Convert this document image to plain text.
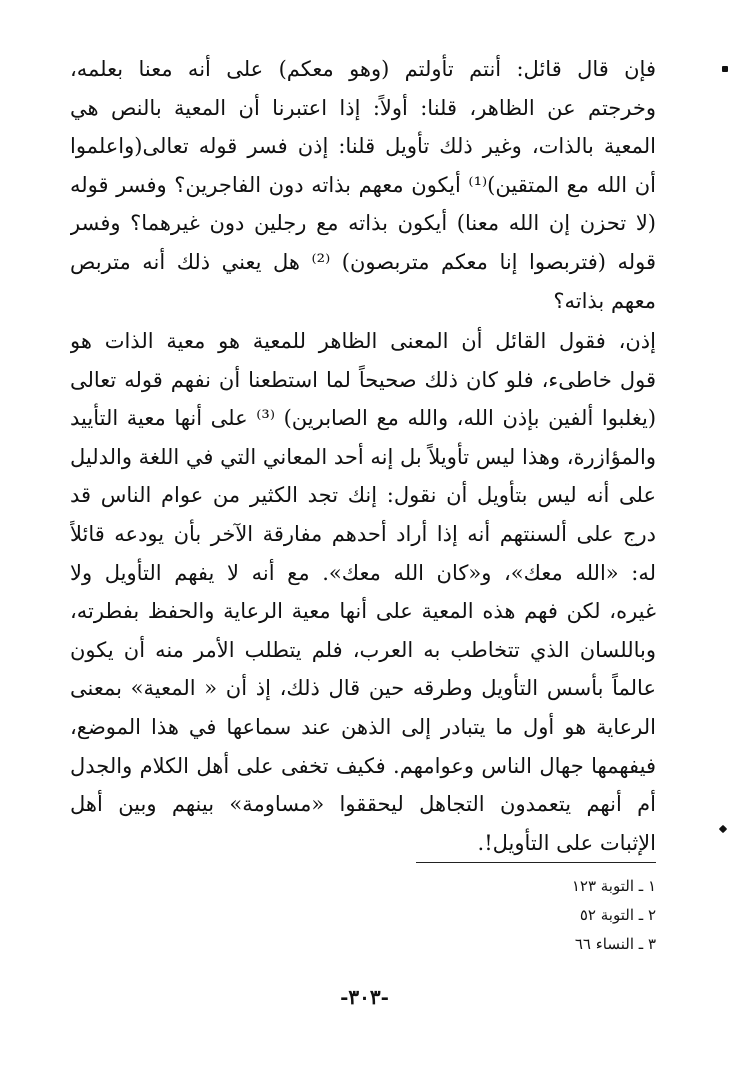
فإن قال قائل: أنتم تأولتم (وهو معكم) على أنه معنا بعلمه،
وخرجتم عن الظاهر، قلنا: أولاً: إذا اعتبرنا أن المعية بالنص هي
المعية بالذات، وغير ذلك تأويل قلنا: إذن فسر قوله تعالى(واعلموا
أن الله مع المتقين)⁽¹⁾ أيكون معهم بذاته دون الفاجرين؟ وفسر قوله
(لا تحزن إن الله معنا) أيكون بذاته مع رجلين دون غيرهما؟ وفسر
قوله (فتربصوا إنا معكم متربصون) ⁽²⁾ هل يعني ذلك أنه متربص
معهم بذاته؟
إذن، فقول القائل أن المعنى الظاهر للمعية هو معية الذات هو
قول خاطىء، فلو كان ذلك صحيحاً لما استطعنا أن نفهم قوله تعالى
(يغلبوا ألفين بإذن الله، والله مع الصابرين) ⁽³⁾ على أنها معية التأييد
والمؤازرة، وهذا ليس تأويلاً بل إنه أحد المعاني التي في اللغة والدليل
على أنه ليس بتأويل أن نقول: إنك تجد الكثير من عوام الناس قد
درج على ألسنتهم أنه إذا أراد أحدهم مفارقة الآخر بأن يودعه قائلاً
له: «الله معك»، و«كان الله معك». مع أنه لا يفهم التأويل ولا
غيره، لكن فهم هذه المعية على أنها معية الرعاية والحفظ بفطرته،
وباللسان الذي تتخاطب به العرب، فلم يتطلب الأمر منه أن يكون
عالماً بأسس التأويل وطرقه حين قال ذلك، إذ أن « المعية» بمعنى
الرعاية هو أول ما يتبادر إلى الذهن عند سماعها في هذا الموضع،
فيفهمها جهال الناس وعوامهم. فكيف تخفى على أهل الكلام والجدل
أم أنهم يتعمدون التجاهل ليحققوا «مساومة» بينهم وبين أهل
الإثبات على التأويل!.
١ ـ التوبة ١٢٣
٢ ـ التوبة ٥٢
٣ ـ النساء ٦٦
-٣٠٣-
